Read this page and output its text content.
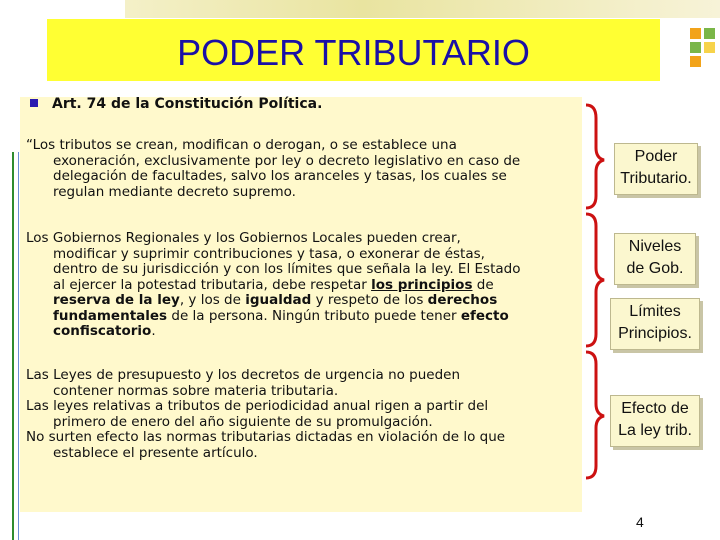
PODER TRIBUTARIO
Art. 74 de la Constitución Política.
“Los tributos se crean, modifican o derogan, o se establece una
exoneración, exclusivamente por ley o decreto legislativo en caso de
delegación de facultades, salvo los aranceles y tasas, los cuales se
regulan mediante decreto supremo.
Los Gobiernos Regionales y los Gobiernos Locales pueden crear,
modificar y suprimir contribuciones y tasa, o exonerar de éstas,
dentro de su jurisdicción y con los límites que señala la ley. El Estado
al ejercer la potestad tributaria, debe respetar los principios de
reserva de la ley, y los de igualdad y respeto de los derechos
fundamentales de la persona. Ningún tributo puede tener efecto
confiscatorio.
Las Leyes de presupuesto y los decretos de urgencia no pueden
contener normas sobre materia tributaria.
Las leyes relativas a tributos de periodicidad anual rigen a partir del
primero de enero del año siguiente de su promulgación.
No surten efecto las normas tributarias dictadas en violación de lo que
establece el presente artículo.
Poder
Tributario.
Niveles
de Gob.
Límites
Principios.
Efecto de
La ley trib.
4
